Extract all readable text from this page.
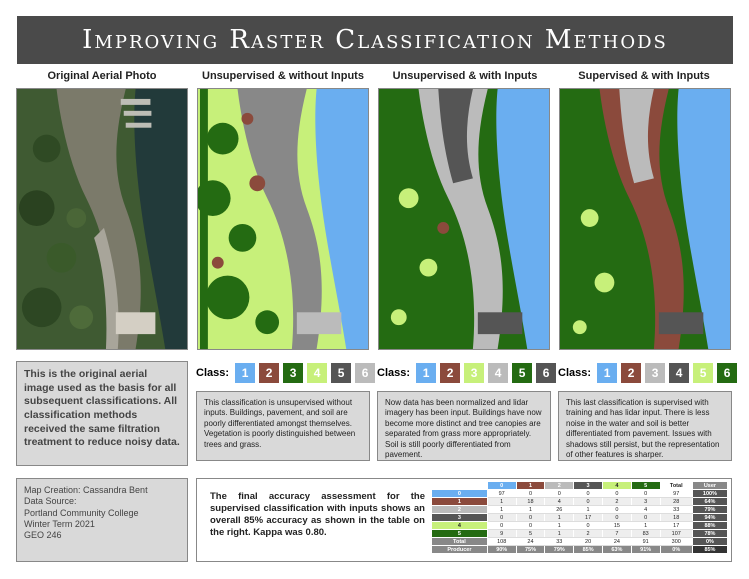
Improving Raster Classification Methods
Original Aerial Photo	Unsupervised & without Inputs	Unsupervised & with Inputs	Supervised & with Inputs
Class:	1	2	3	4	5	6 Class:	1	2	3	4	5	6 Class:	1	2	3	4	5	6
This is the original aerial image used as the basis for all subsequent classifications. All classification methods received the same filtration treatment to reduce noisy data.
This classification is unsupervised without inputs. Buildings, pavement, and soil are poorly differentiated amongst themselves. Vegetation is poorly distinguished between trees and grass.
Now data has been normalized and lidar imagery has been input. Buildings have now become more distinct and tree canopies are separated from grass more appropriately. Soil is still poorly differentiated from pavement.
This last classification is supervised with training and has lidar input. There is less noise in the water and soil is better differentiated from pavement. Issues with shadows still persist, but the representation of other features is sharper.
Map Creation: Cassandra Bent
Data Source:
Portland Community College
Winter Term 2021
GEO 246
The final accuracy assessment for the supervised classification with inputs shows an overall 85% accuracy as shown in the table on the right. Kappa was 0.80.
	0	1	2	3	4	5	Total	User
0	97	0	0	0	0	0	97	100%
1	1	18	4	0	2	3	28	64%
2	1	1	26	1	0	4	33	79%
3	0	0	1	17	0	0	18	94%
4	0	0	1	0	15	1	17	88%
5	9	5	1	2	7	83	107	78%
Total	108	24	33	20	24	91	300	0%
Producer	90%	75%	79%	85%	63%	91%	0%	85%
